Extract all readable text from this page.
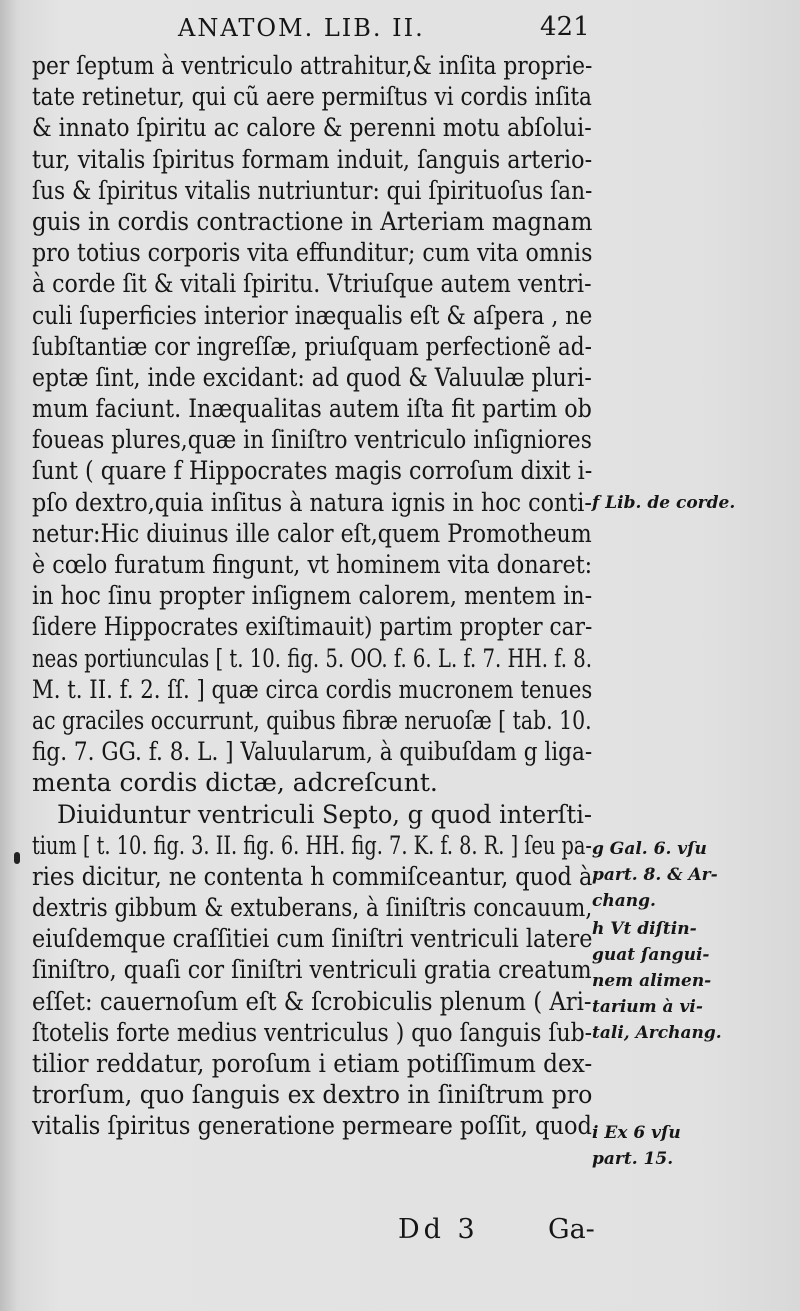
ANATOM. LIB. II.	421
per ſeptum à ventriculo attrahitur,& inſita proprie-
tate retinetur, qui cũ aere permiſtus vi cordis inſita
& innato ſpiritu ac calore & perenni motu abſolui-
tur, vitalis ſpiritus formam induit, ſanguis arterio-
ſus & ſpiritus vitalis nutriuntur: qui ſpirituoſus ſan-
guis in cordis contractione in Arteriam magnam
pro totius corporis vita effunditur; cum vita omnis
à corde ſit & vitali ſpiritu. Vtriuſque autem ventri-
culi ſuperficies interior inæqualis eſt & aſpera , ne
ſubſtantiæ cor ingreſſæ, priuſquam perfectionẽ ad-
eptæ ſint, inde excidant: ad quod & Valuulæ pluri-
mum faciunt. Inæqualitas autem iſta fit partim ob
foueas plures,quæ in ſiniſtro ventriculo inſigniores
ſunt ( quare f Hippocrates magis corroſum dixit i-
pſo dextro,quia inſitus à natura ignis in hoc conti-
netur:Hic diuinus ille calor eſt,quem Promotheum
è cœlo furatum fingunt, vt hominem vita donaret:
in hoc ſinu propter inſignem calorem, mentem in-
ſidere Hippocrates exiſtimauit) partim propter car-
neas portiunculas [ t. 10. fig. 5. OO. f. 6. L. f. 7. HH. f. 8.
M. t. II. f. 2. ſſ. ] quæ circa cordis mucronem tenues
ac graciles occurrunt, quibus fibræ neruoſæ [ tab. 10.
fig. 7. GG. f. 8. L. ] Valuularum, à quibuſdam g liga-
menta cordis dictæ, adcreſcunt.
Diuiduntur ventriculi Septo, g quod interſti-
tium [ t. 10. fig. 3. II. fig. 6. HH. fig. 7. K. f. 8. R. ] ſeu pa-
ries dicitur, ne contenta h commiſceantur, quod à
dextris gibbum & extuberans, à ſiniſtris concauum,
eiuſdemque craſſitiei cum ſiniſtri ventriculi latere
ſiniſtro, quaſi cor ſiniſtri ventriculi gratia creatum
eſſet: cauernoſum eſt & ſcrobiculis plenum ( Ari-
ſtotelis forte medius ventriculus ) quo ſanguis ſub-
tilior reddatur, poroſum i etiam potiſſimum dex-
trorſum, quo ſanguis ex dextro in ſiniſtrum pro
vitalis ſpiritus generatione permeare poſſit, quod
f Lib. de corde.
g Gal. 6. vſu
part. 8. & Ar-
chang.
h Vt diſtin-
guat ſangui-
nem alimen-
tarium à vi-
tali, Archang.
i Ex 6 vſu
part. 15.
Dd 3	Ga-
